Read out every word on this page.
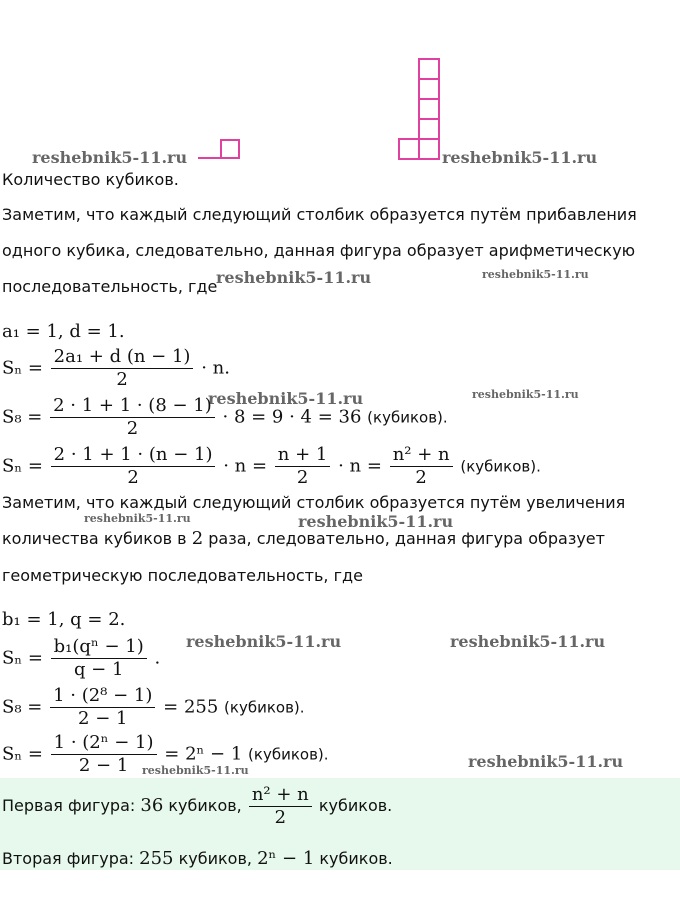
reshebnik5-11.ru	reshebnik5-11.ru
reshebnik5-11.ru	reshebnik5-11.ru
reshebnik5-11.ru	reshebnik5-11.ru
reshebnik5-11.ru	reshebnik5-11.ru
reshebnik5-11.ru	reshebnik5-11.ru
reshebnik5-11.ru	reshebnik5-11.ru
Количество кубиков.
Заметим, что каждый следующий столбик образуется путём прибавления
одного кубика, следовательно, данная фигура образует арифметическую
последовательность, где
a₁ = 1, d = 1.
$S_n = \frac{\text{2a₁ + d (n − 1)}}{2} \cdot n$.
$S_8 = \frac{2 \cdot 1 + 1 \cdot (8 - 1)}{2} \cdot 8 = 9 \cdot 4 = 36$ (кубиков).
$S_n = \frac{2 \cdot 1 + 1 \cdot (n - 1)}{2} \cdot n = \frac{n + 1}{2} \cdot n = \frac{\text{n² + n}}{2}$ (кубиков).
Заметим, что каждый следующий столбик образуется путём увеличения
количества кубиков в 2 раза, следовательно, данная фигура образует
геометрическую последовательность, где
b₁ = 1, q = 2.
$S_n = \frac{\text{b₁(qⁿ − 1)}}{q - 1}$ .
$S_8 = \frac{\text{1 · (2⁸ − 1)}}{2 - 1} = 255$ (кубиков).
$S_n = \frac{\text{1 · (2ⁿ − 1)}}{2 - 1} = 2^n - 1$ (кубиков).
Первая фигура: 36 кубиков, $\frac{\text{n² + n}}{2}$ кубиков.
Вторая фигура: 255 кубиков, 2ⁿ − 1 кубиков.
